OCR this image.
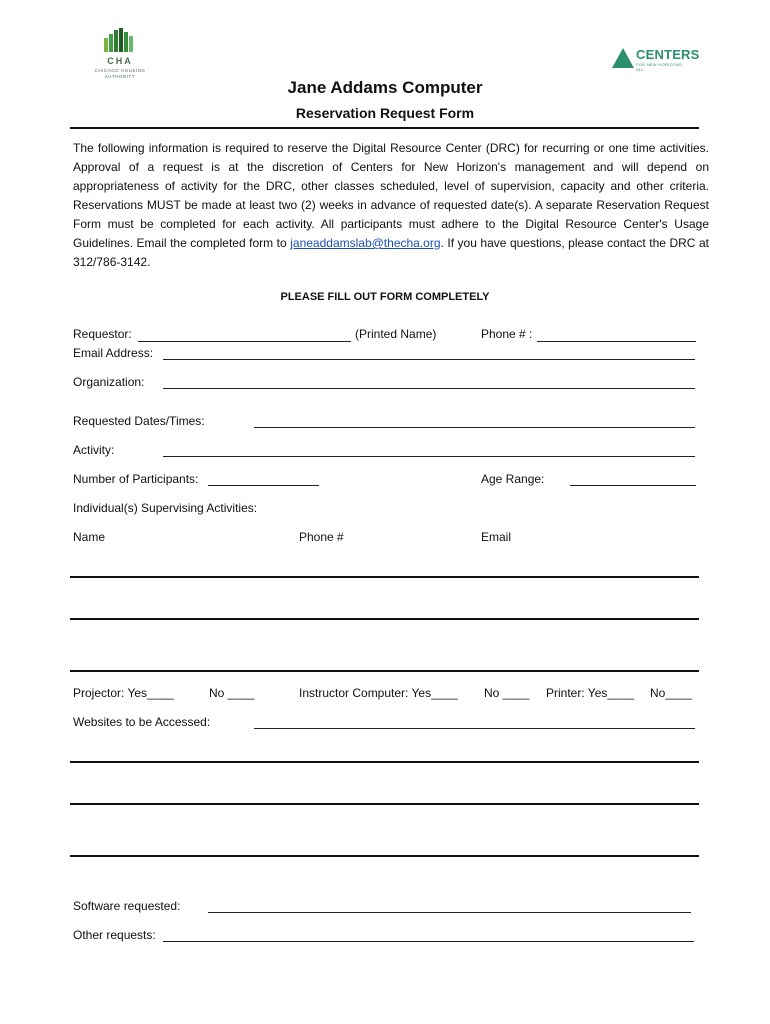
CHA
CHICAGO HOUSING AUTHORITY
CENTERS
FOR NEW HORIZONS, INC.
Jane Addams Computer
Reservation Request Form
The following information is required to reserve the Digital Resource Center (DRC) for recurring or one time activities. Approval of a request is at the discretion of Centers for New Horizon's management and will depend on appropriateness of activity for the DRC, other classes scheduled, level of supervision, capacity and other criteria. Reservations MUST be made at least two (2) weeks in advance of requested date(s). A separate Reservation Request Form must be completed for each activity. All participants must adhere to the Digital Resource Center's Usage Guidelines. Email the completed form to janeaddamslab@thecha.org. If you have questions, please contact the DRC at 312/786-3142.
PLEASE FILL OUT FORM COMPLETELY
Requestor:	(Printed Name)	Phone # :
Email Address:
Organization:
Requested Dates/Times:
Activity:
Number of Participants:	Age Range:
Individual(s) Supervising Activities:
Name	Phone #	Email
Projector: Yes____	No ____	Instructor Computer: Yes____ No ____ Printer: Yes____ No____
Websites to be Accessed:
Software requested:
Other requests:
